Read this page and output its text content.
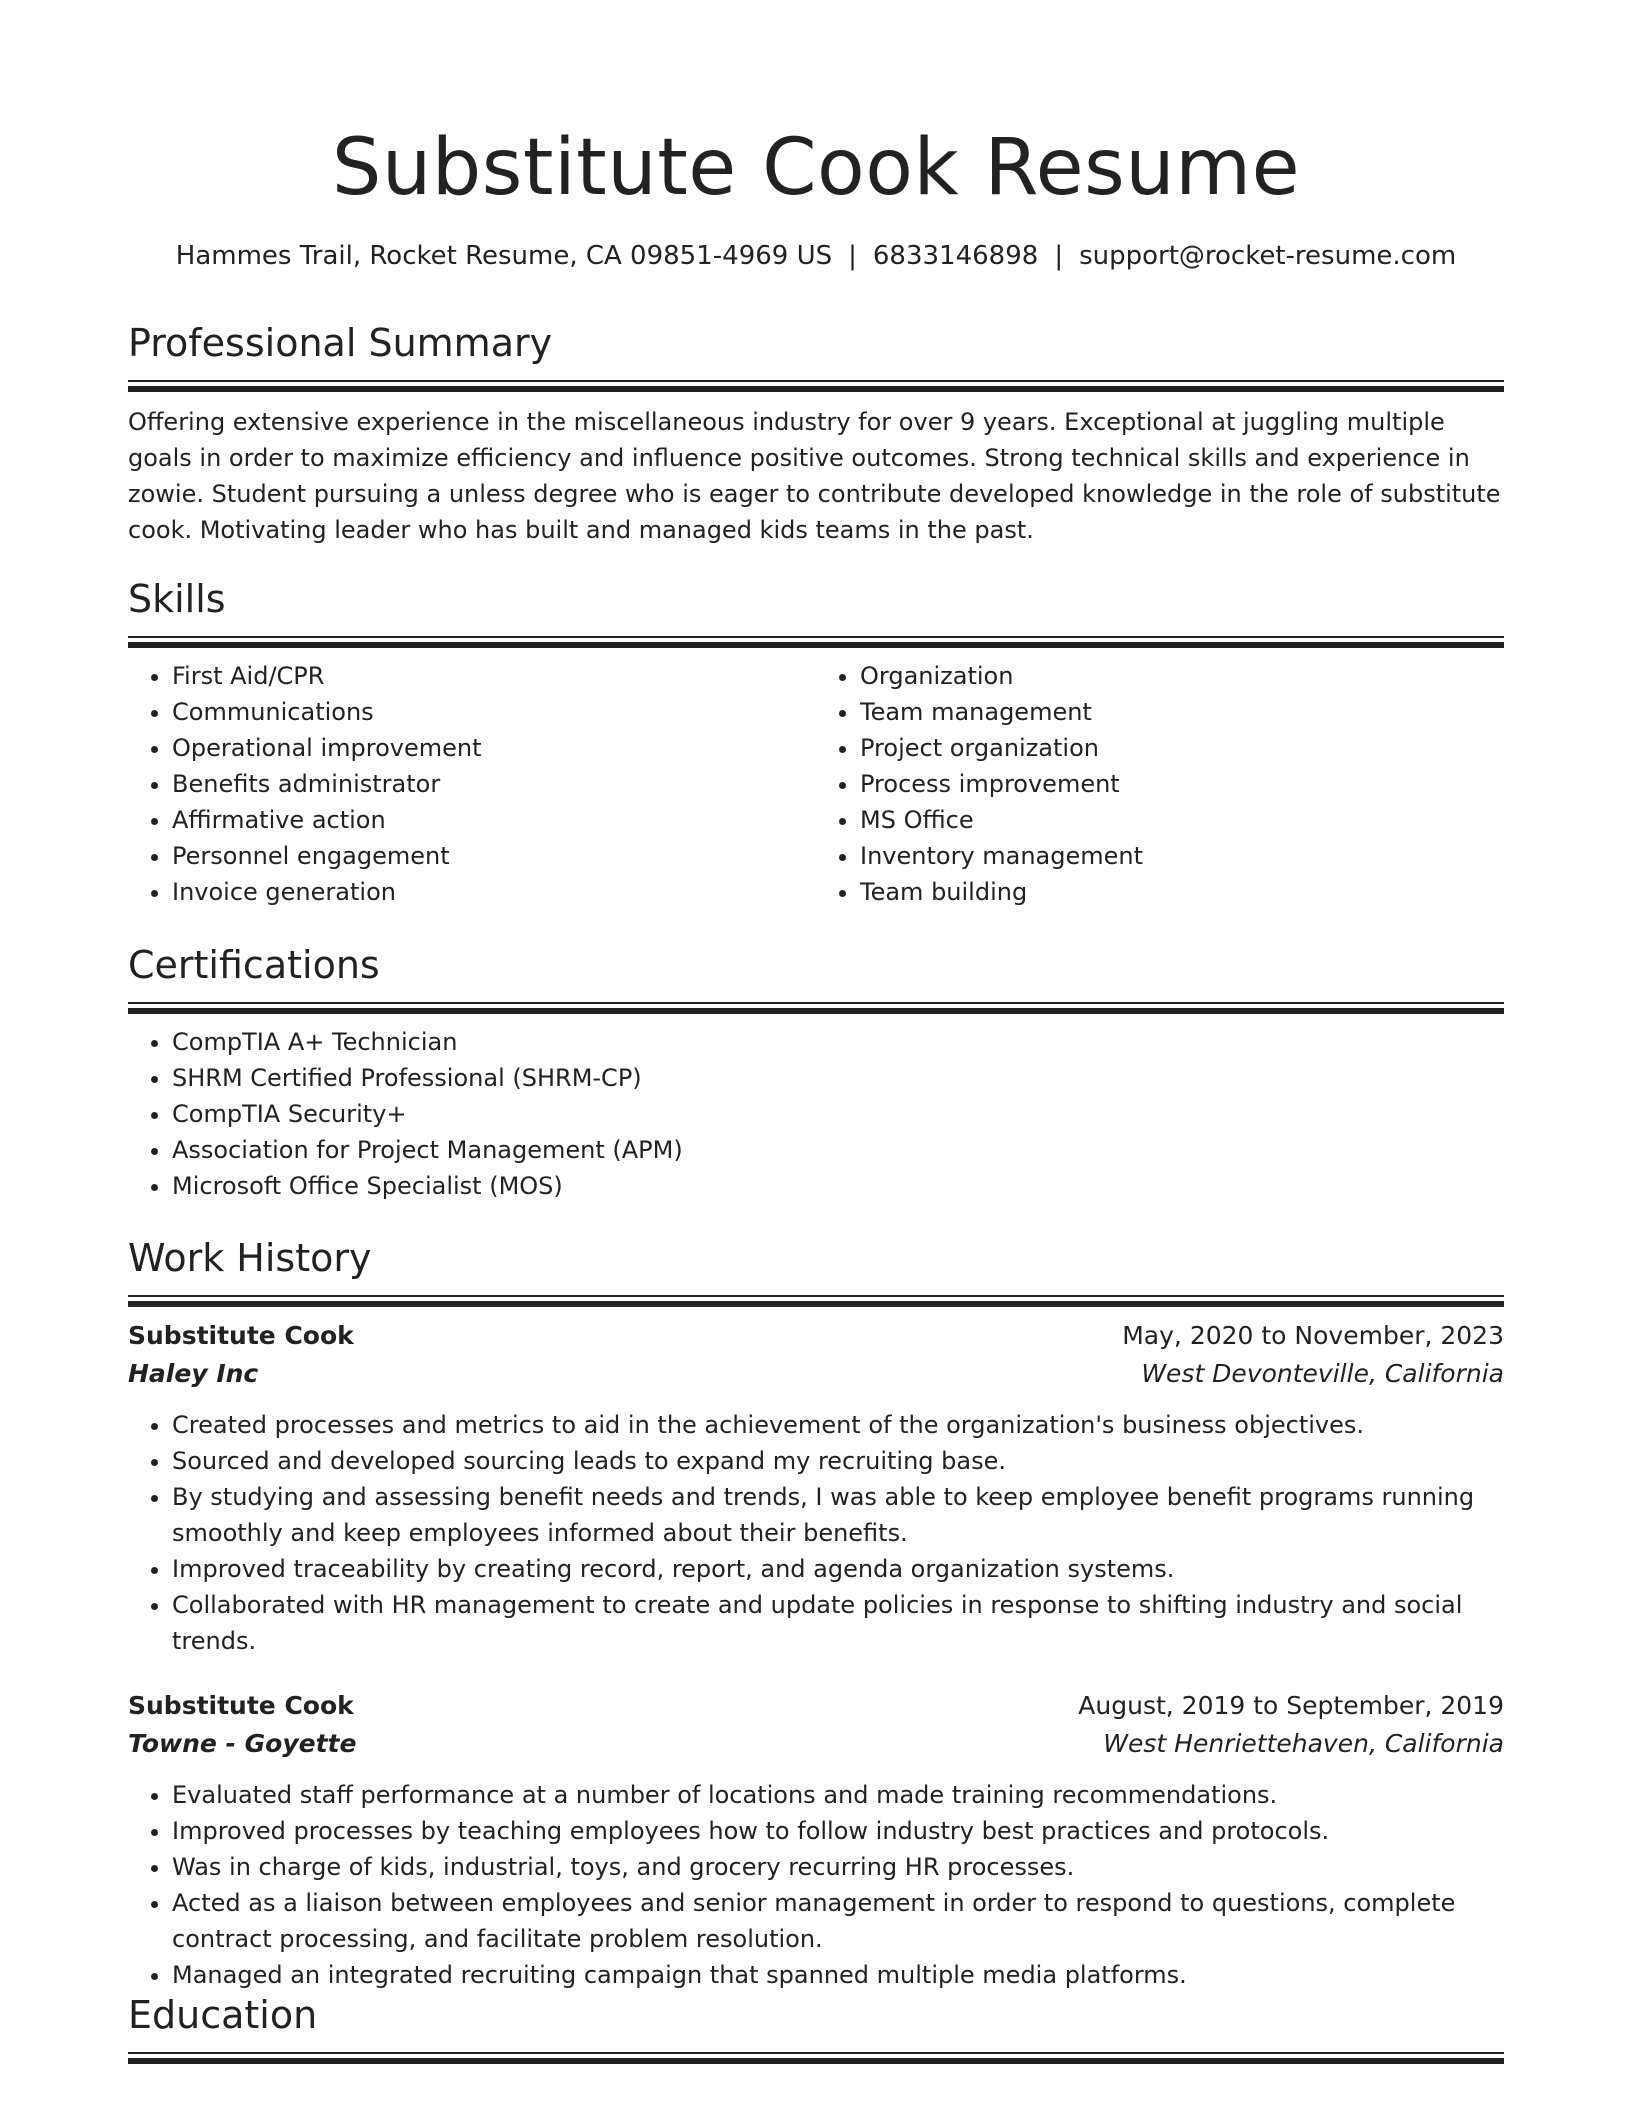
Substitute Cook Resume
Hammes Trail, Rocket Resume, CA 09851-4969 US | 6833146898 | support@rocket-resume.com
Professional Summary

Offering extensive experience in the miscellaneous industry for over 9 years. Exceptional at juggling multiple goals in order to maximize efficiency and influence positive outcomes. Strong technical skills and experience in zowie. Student pursuing a unless degree who is eager to contribute developed knowledge in the role of substitute cook. Motivating leader who has built and managed kids teams in the past.

Skills
• First Aid/CPR
• Communications
• Operational improvement
• Benefits administrator
• Affirmative action
• Personnel engagement
• Invoice generation
• Organization
• Team management
• Project organization
• Process improvement
• MS Office
• Inventory management
• Team building
Certifications
• CompTIA A+ Technician
• SHRM Certified Professional (SHRM-CP)
• CompTIA Security+
• Association for Project Management (APM)
• Microsoft Office Specialist (MOS)
Work History
Substitute Cook	May, 2020 to November, 2023
Haley Inc	West Devonteville, California
• Created processes and metrics to aid in the achievement of the organization's business objectives.
• Sourced and developed sourcing leads to expand my recruiting base.
• By studying and assessing benefit needs and trends, I was able to keep employee benefit programs running smoothly and keep employees informed about their benefits.
• Improved traceability by creating record, report, and agenda organization systems.
• Collaborated with HR management to create and update policies in response to shifting industry and social trends.
Substitute Cook	August, 2019 to September, 2019
Towne - Goyette	West Henriettehaven, California
• Evaluated staff performance at a number of locations and made training recommendations.
• Improved processes by teaching employees how to follow industry best practices and protocols.
• Was in charge of kids, industrial, toys, and grocery recurring HR processes.
• Acted as a liaison between employees and senior management in order to respond to questions, complete contract processing, and facilitate problem resolution.
• Managed an integrated recruiting campaign that spanned multiple media platforms.
Education
